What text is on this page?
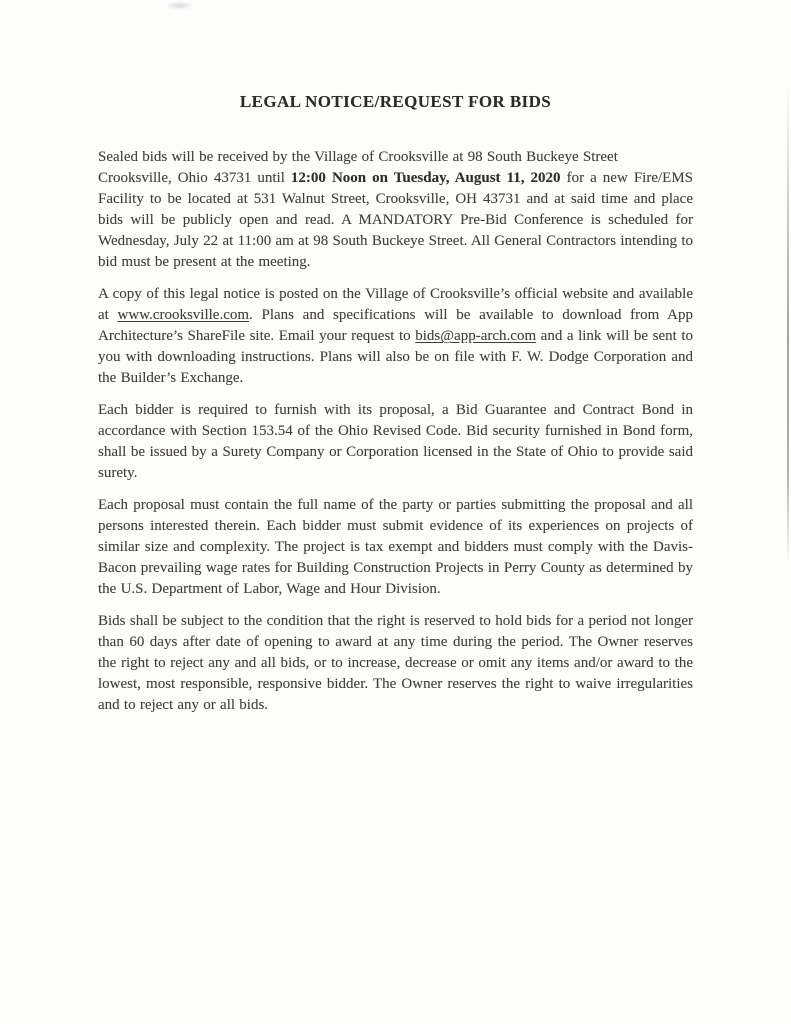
LEGAL NOTICE/REQUEST FOR BIDS

Sealed bids will be received by the Village of Crooksville at 98 South Buckeye Street
Crooksville, Ohio 43731 until 12:00 Noon on Tuesday, August 11, 2020 for a new Fire/EMS Facility to be located at 531 Walnut Street, Crooksville, OH 43731 and at said time and place bids will be publicly open and read. A MANDATORY Pre-Bid Conference is scheduled for Wednesday, July 22 at 11:00 am at 98 South Buckeye Street. All General Contractors intending to bid must be present at the meeting.

A copy of this legal notice is posted on the Village of Crooksville’s official website and available at www.crooksville.com. Plans and specifications will be available to download from App Architecture’s ShareFile site. Email your request to bids@app-arch.com and a link will be sent to you with downloading instructions. Plans will also be on file with F. W. Dodge Corporation and the Builder’s Exchange.

Each bidder is required to furnish with its proposal, a Bid Guarantee and Contract Bond in accordance with Section 153.54 of the Ohio Revised Code. Bid security furnished in Bond form, shall be issued by a Surety Company or Corporation licensed in the State of Ohio to provide said surety.

Each proposal must contain the full name of the party or parties submitting the proposal and all persons interested therein. Each bidder must submit evidence of its experiences on projects of similar size and complexity. The project is tax exempt and bidders must comply with the Davis-Bacon prevailing wage rates for Building Construction Projects in Perry County as determined by the U.S. Department of Labor, Wage and Hour Division.

Bids shall be subject to the condition that the right is reserved to hold bids for a period not longer than 60 days after date of opening to award at any time during the period. The Owner reserves the right to reject any and all bids, or to increase, decrease or omit any items and/or award to the lowest, most responsible, responsive bidder. The Owner reserves the right to waive irregularities and to reject any or all bids.
